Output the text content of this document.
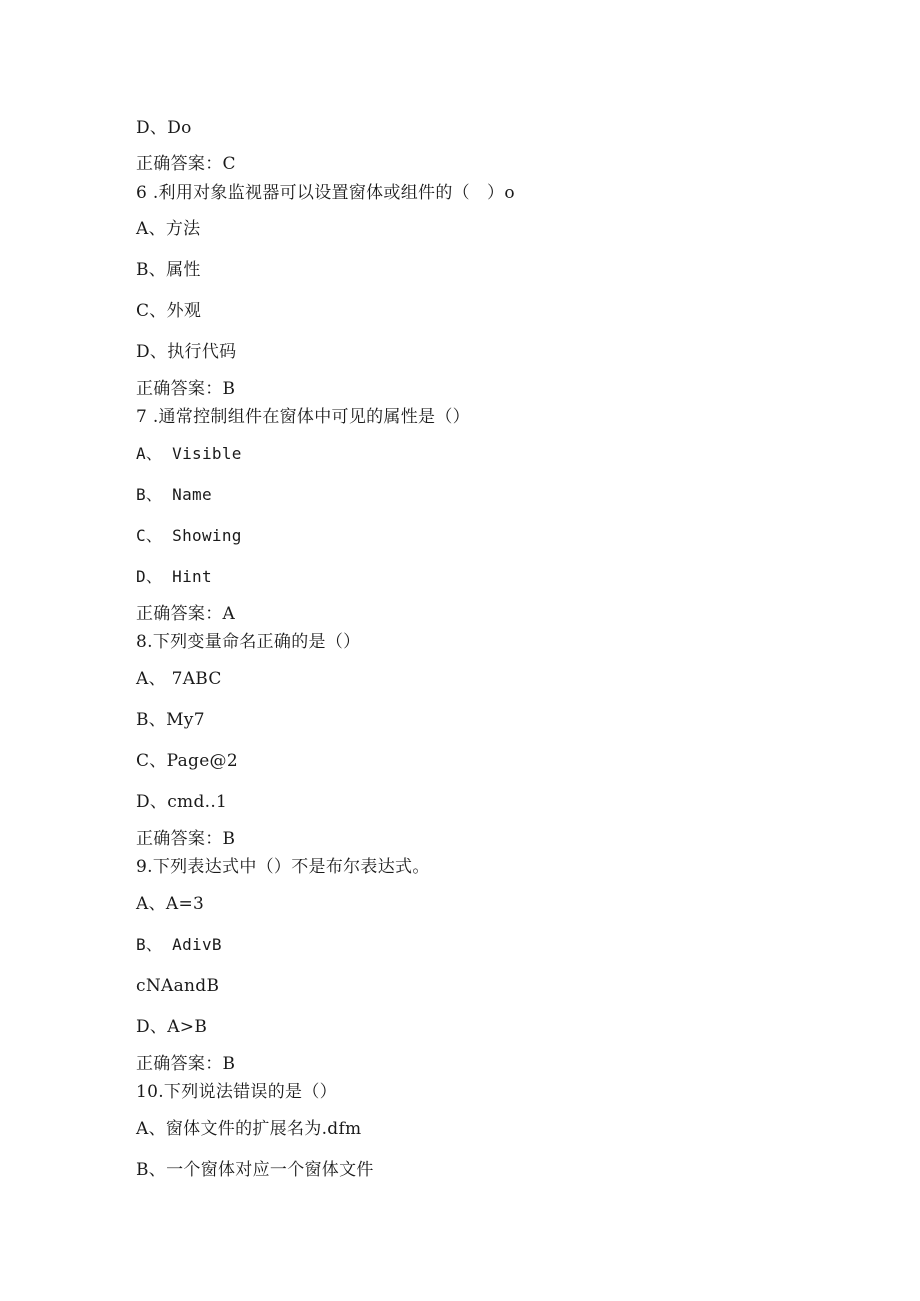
D、Do
正确答案：C
6 .利用对象监视器可以设置窗体或组件的（   ）o
A、方法
B、属性
C、外观
D、执行代码
正确答案：B
7 .通常控制组件在窗体中可见的属性是（）
A、 Visible
B、 Name
C、 Showing
D、 Hint
正确答案：A
8.下列变量命名正确的是（）
A、 7ABC
B、My7
C、Page@2
D、cmd..1
正确答案：B
9.下列表达式中（）不是布尔表达式。
A、A=3
B、 AdivB
cNAandB
D、A>B
正确答案：B
10.下列说法错误的是（）
A、窗体文件的扩展名为.dfm
B、一个窗体对应一个窗体文件
